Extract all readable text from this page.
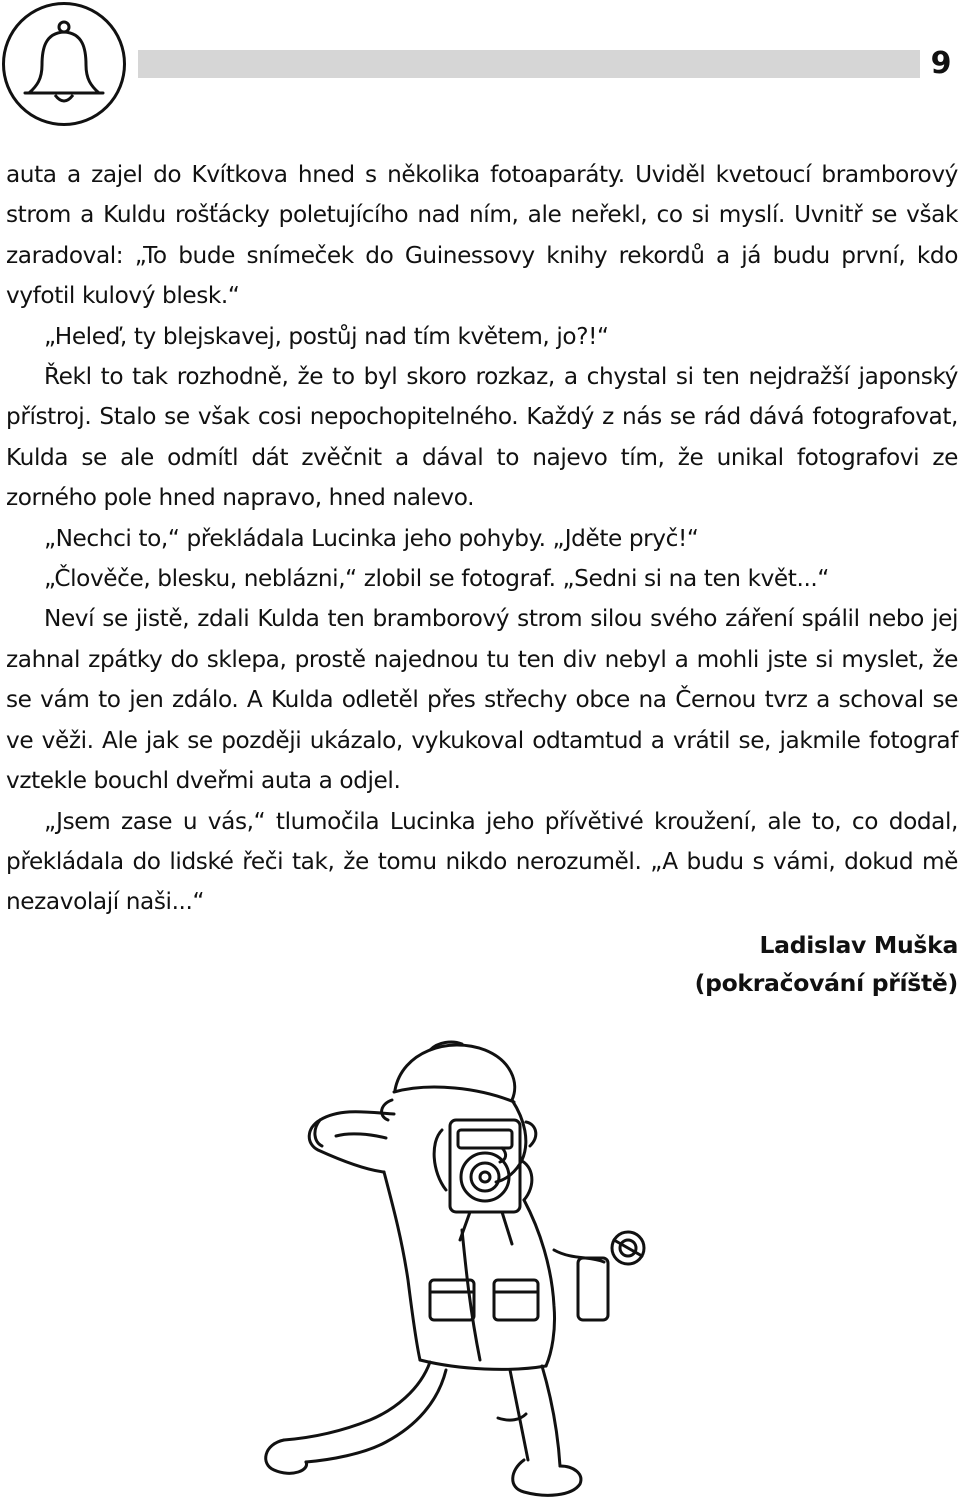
9

auta a zajel do Kvítkova hned s několika fotoaparáty. Uviděl kvetoucí bramborový strom a Kuldu rošťácky poletujícího nad ním, ale neřekl, co si myslí. Uvnitř se však zaradoval: „To bude snímeček do Guinessovy knihy rekordů a já budu první, kdo vyfotil kulový blesk.“

„Heleď, ty blejskavej, postůj nad tím květem, jo?!“

Řekl to tak rozhodně, že to byl skoro rozkaz, a chystal si ten nejdražší japonský přístroj. Stalo se však cosi nepochopitelného. Každý z nás se rád dává fotografovat, Kulda se ale odmítl dát zvěčnit a dával to najevo tím, že unikal fotografovi ze zorného pole hned napravo, hned nalevo.

„Nechci to,“ překládala Lucinka jeho pohyby. „Jděte pryč!“

„Člověče, blesku, neblázni,“ zlobil se fotograf. „Sedni si na ten květ...“

Neví se jistě, zdali Kulda ten bramborový strom silou svého záření spálil nebo jej zahnal zpátky do sklepa, prostě najednou tu ten div nebyl a mohli jste si myslet, že se vám to jen zdálo. A Kulda odletěl přes střechy obce na Černou tvrz a schoval se ve věži. Ale jak se později ukázalo, vykukoval odtamtud a vrátil se, jakmile fotograf vztekle bouchl dveřmi auta a odjel.

„Jsem zase u vás,“ tlumočila Lucinka jeho přívětivé kroužení, ale to, co dodal, překládala do lidské řeči tak, že tomu nikdo nerozuměl. „A budu s vámi, dokud mě nezavolají naši...“

Ladislav Muška
(pokračování příště)
